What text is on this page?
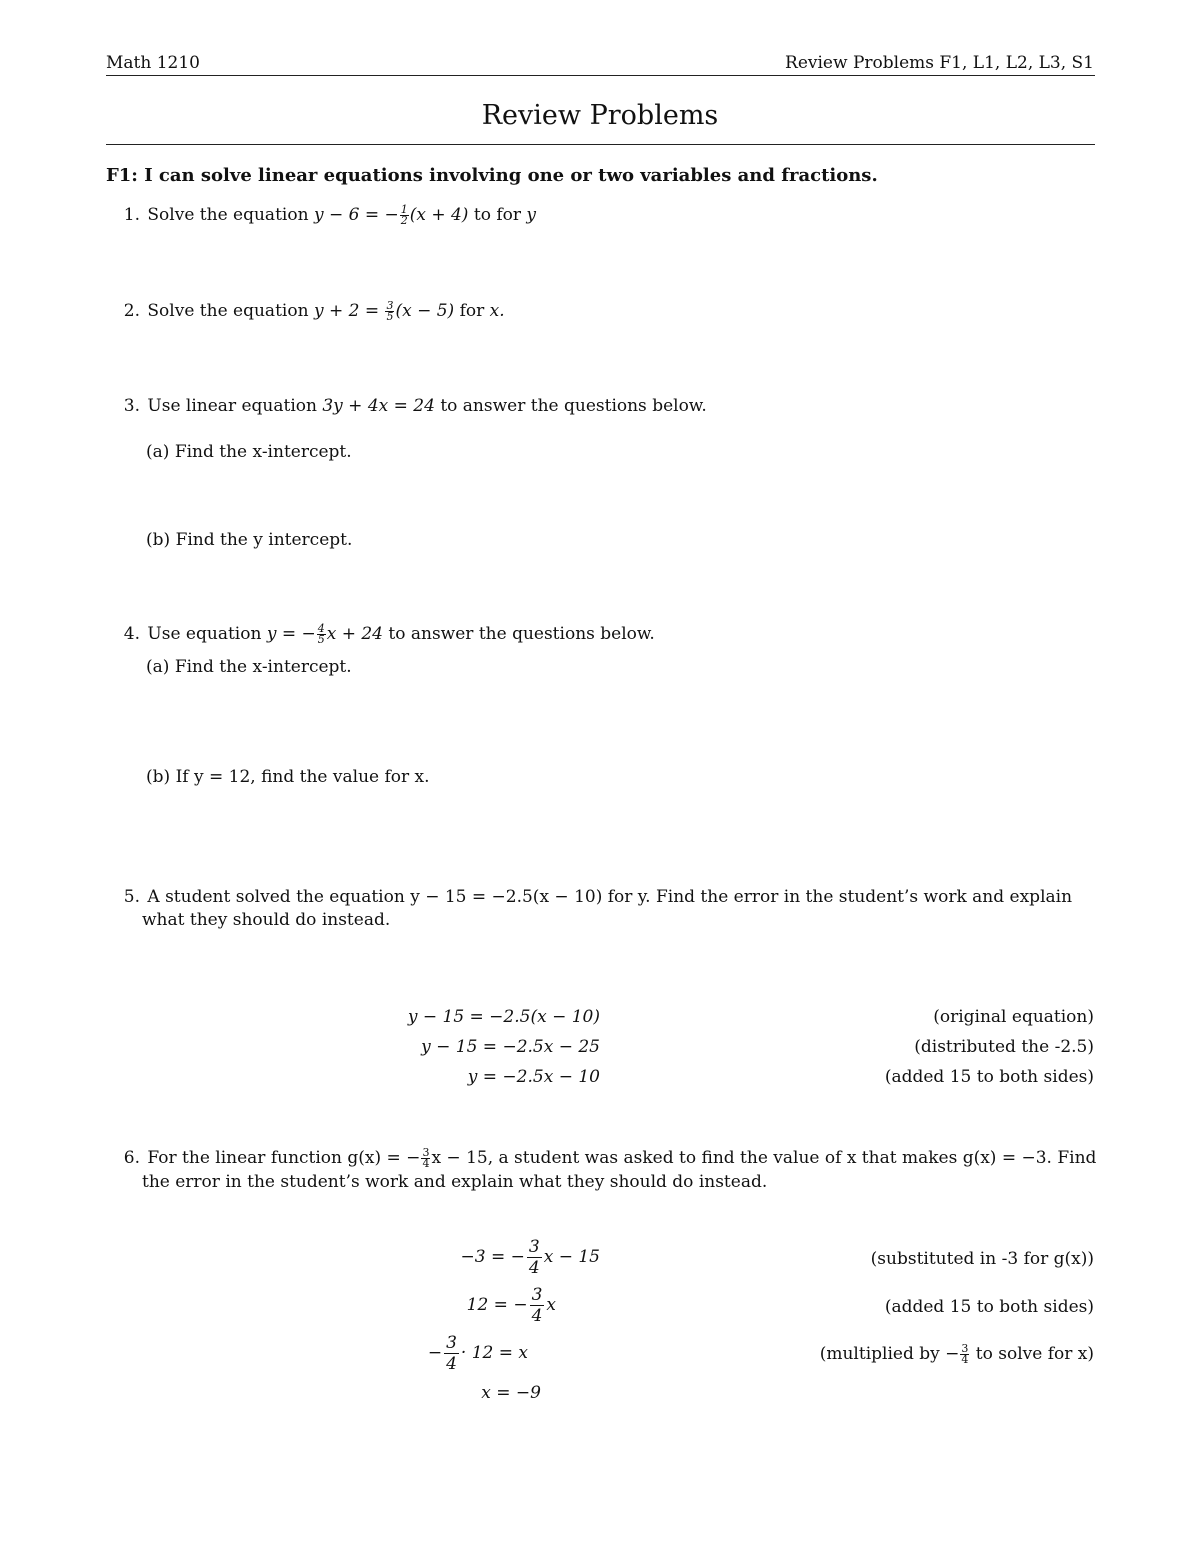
Math 1210	Review Problems F1, L1, L2, L3, S1
Review Problems
F1: I can solve linear equations involving one or two variables and fractions.
1. Solve the equation y − 6 = − $\frac{1}{2} (x + 4)$ to for y
2. Solve the equation $y + 2 = \frac{3}{5} (x - 5)$ for x.
3. Use linear equation 3y + 4x = 24 to answer the questions below.
(a) Find the x-intercept.
(b) Find the y intercept.
4. Use equation y = − $\frac{4}{5}$ x + 24 to answer the questions below.
(a) Find the x-intercept.
(b) If y = 12, find the value for x.
5. A student solved the equation y − 15 = −2.5(x − 10) for y. Find the error in the student’s work and explain
what they should do instead.
y − 15 = −2.5(x − 10)	(original equation)
y − 15 = −2.5x − 25	(distributed the -2.5)
y = −2.5x − 10	(added 15 to both sides)
6. For the linear function g(x) = − $\frac{3}{4}$ x − 15, a student was asked to find the value of x that makes g(x) = −3. Find
the error in the student’s work and explain what they should do instead.
−3 = − $\frac{3}{4}$ x − 15	(substituted in -3 for g(x))
12 = − $\frac{3}{4}$ x	(added 15 to both sides)
− $\frac{3}{4} \cdot 12 = x$	(multiplied by − $\frac{3}{4}$ to solve for x)
x = −9
